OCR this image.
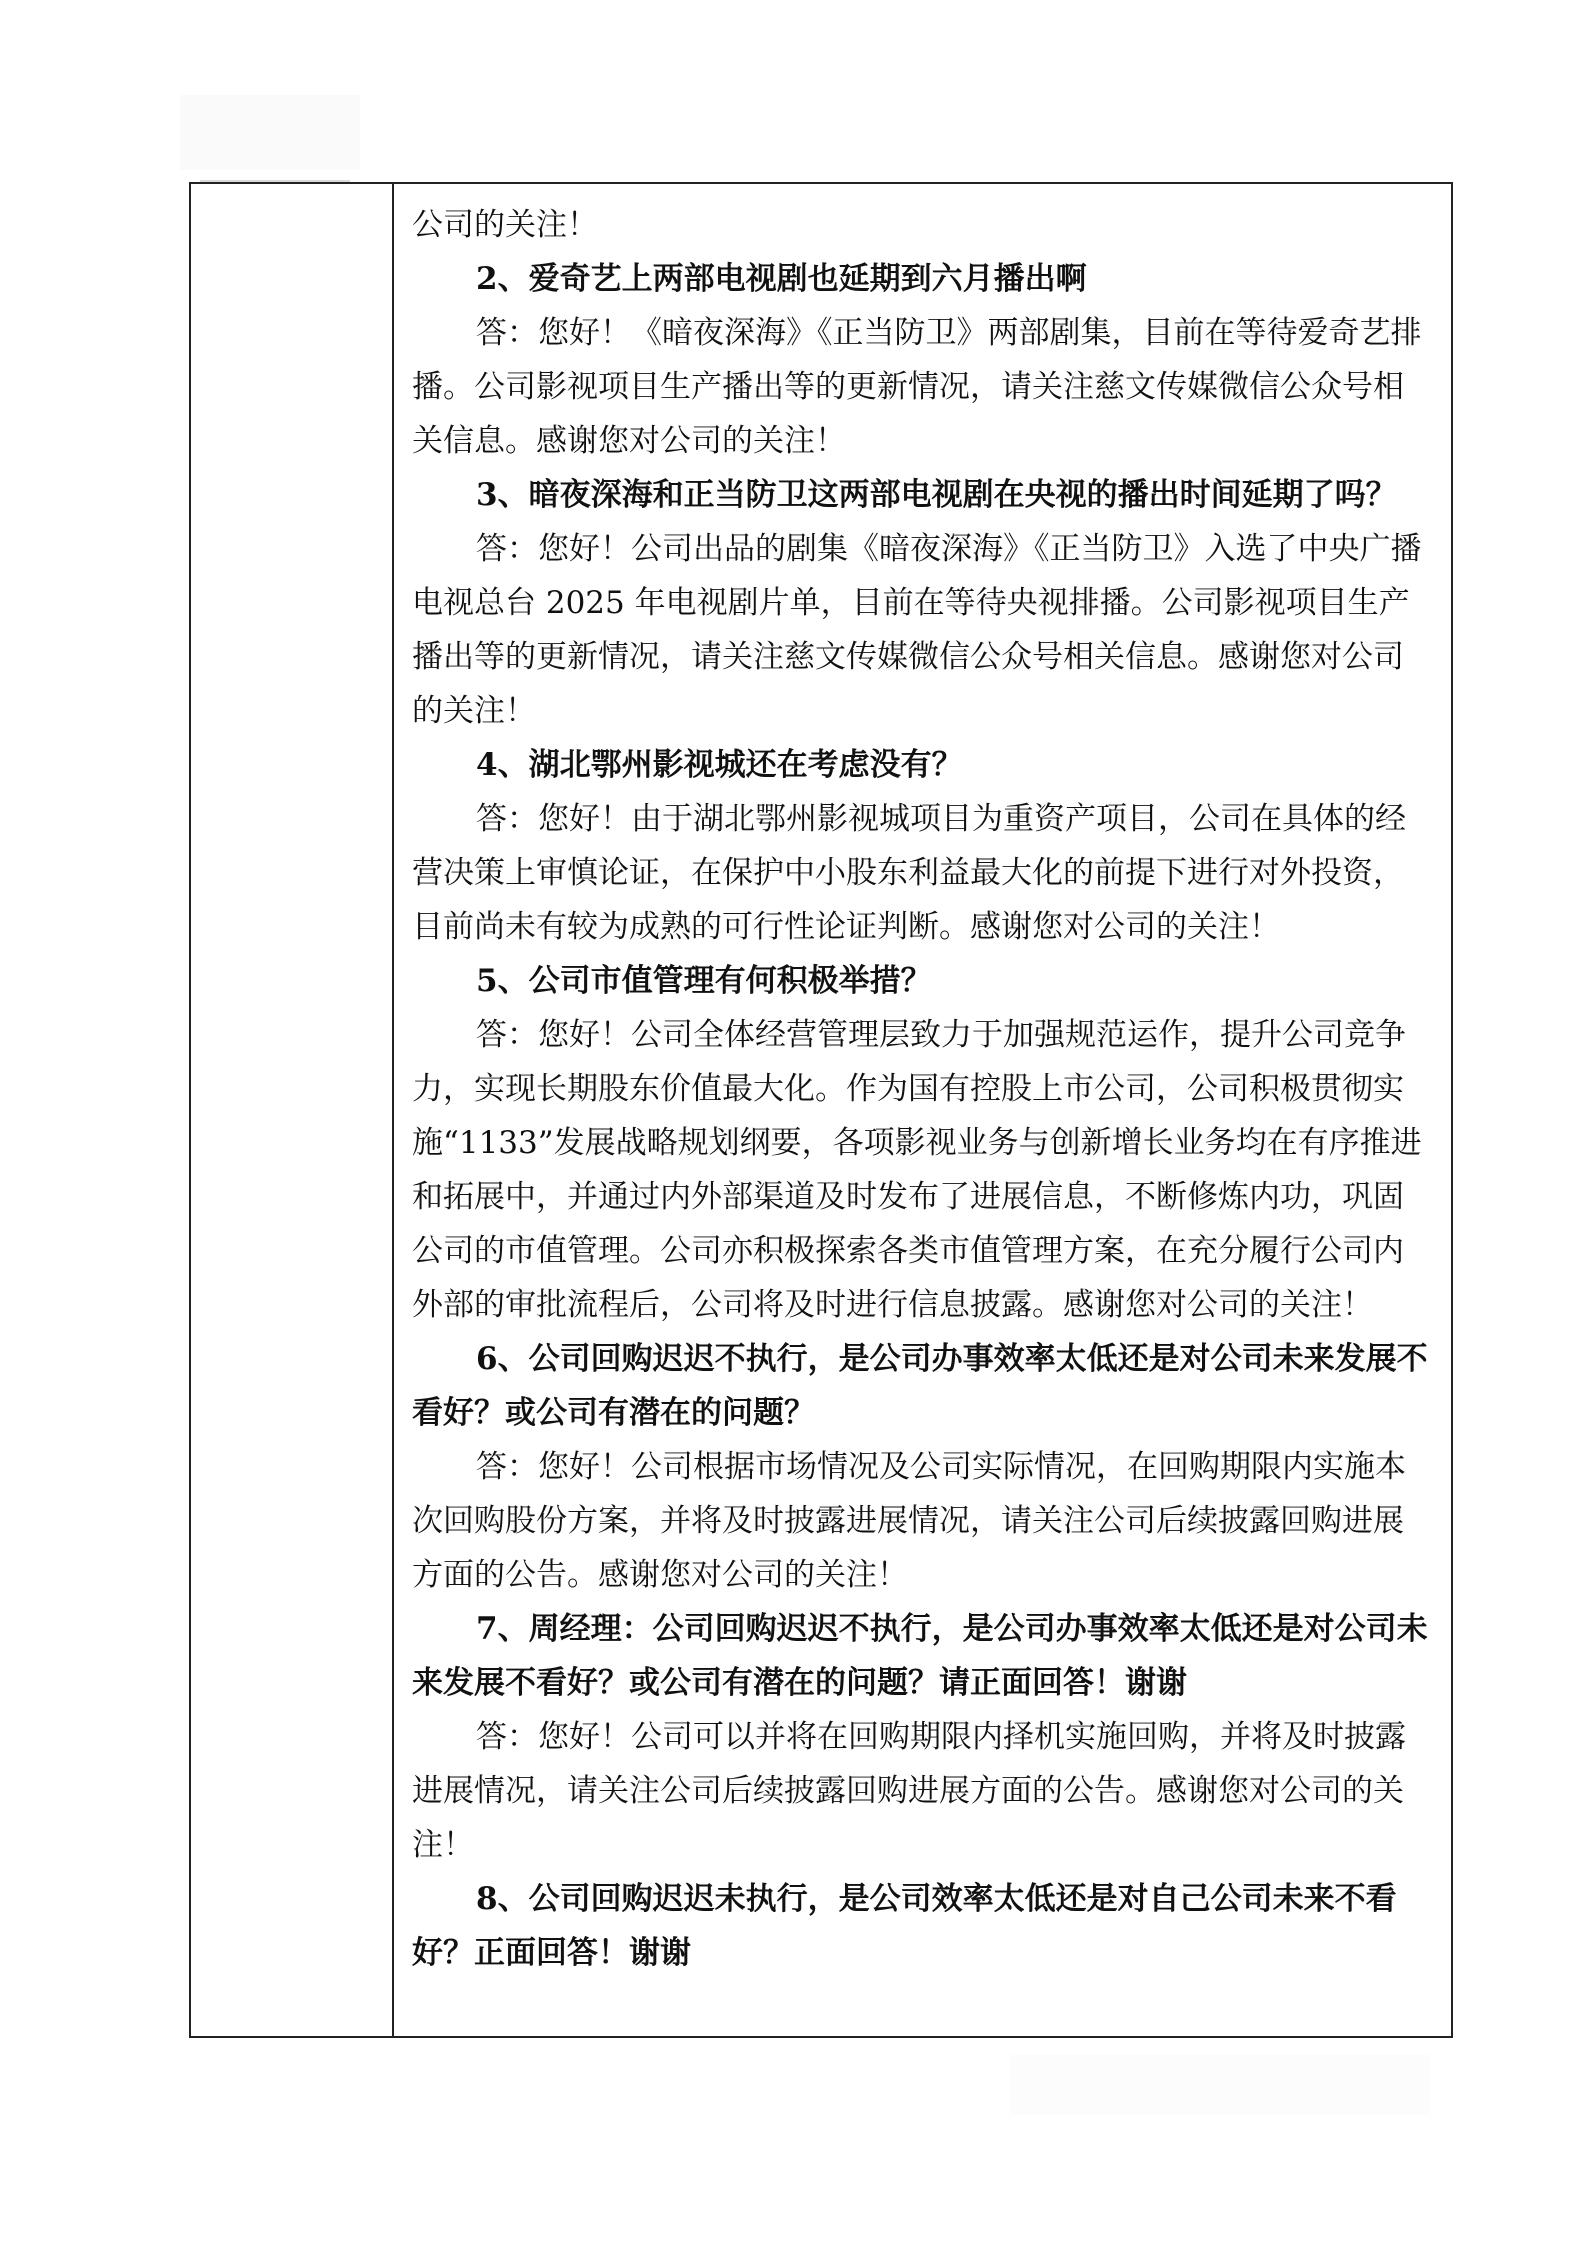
公司的关注！

2、爱奇艺上两部电视剧也延期到六月播出啊

答：您好！《暗夜深海》《正当防卫》两部剧集，目前在等待爱奇艺排播。公司影视项目生产播出等的更新情况，请关注慈文传媒微信公众号相关信息。感谢您对公司的关注！

3、暗夜深海和正当防卫这两部电视剧在央视的播出时间延期了吗？

答：您好！公司出品的剧集《暗夜深海》《正当防卫》入选了中央广播电视总台 2025 年电视剧片单，目前在等待央视排播。公司影视项目生产播出等的更新情况，请关注慈文传媒微信公众号相关信息。感谢您对公司的关注！

4、湖北鄂州影视城还在考虑没有？

答：您好！由于湖北鄂州影视城项目为重资产项目，公司在具体的经营决策上审慎论证，在保护中小股东利益最大化的前提下进行对外投资，目前尚未有较为成熟的可行性论证判断。感谢您对公司的关注！

5、公司市值管理有何积极举措？

答：您好！公司全体经营管理层致力于加强规范运作，提升公司竞争力，实现长期股东价值最大化。作为国有控股上市公司，公司积极贯彻实施“1133”发展战略规划纲要，各项影视业务与创新增长业务均在有序推进和拓展中，并通过内外部渠道及时发布了进展信息，不断修炼内功，巩固公司的市值管理。公司亦积极探索各类市值管理方案，在充分履行公司内外部的审批流程后，公司将及时进行信息披露。感谢您对公司的关注！

6、公司回购迟迟不执行，是公司办事效率太低还是对公司未来发展不看好？或公司有潜在的问题？

答：您好！公司根据市场情况及公司实际情况，在回购期限内实施本次回购股份方案，并将及时披露进展情况，请关注公司后续披露回购进展方面的公告。感谢您对公司的关注！

7、周经理：公司回购迟迟不执行，是公司办事效率太低还是对公司未来发展不看好？或公司有潜在的问题？请正面回答！谢谢

答：您好！公司可以并将在回购期限内择机实施回购，并将及时披露进展情况，请关注公司后续披露回购进展方面的公告。感谢您对公司的关注！

8、公司回购迟迟未执行，是公司效率太低还是对自己公司未来不看好？正面回答！谢谢
